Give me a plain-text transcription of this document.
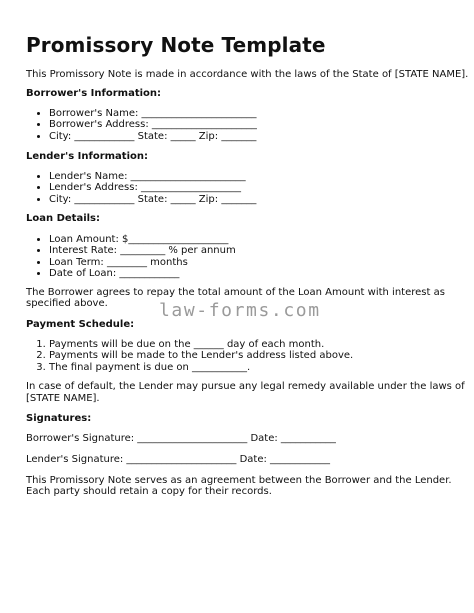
Promissory Note Template
This Promissory Note is made in accordance with the laws of the State of [STATE NAME].
Borrower's Information:
• Borrower's Name: _______________________
• Borrower's Address: _____________________
• City: ____________ State: _____ Zip: _______
Lender's Information:
• Lender's Name: _______________________
• Lender's Address: ____________________
• City: ____________ State: _____ Zip: _______
Loan Details:
• Loan Amount: $____________________
• Interest Rate: _________ % per annum
• Loan Term: ________ months
• Date of Loan: ____________
The Borrower agrees to repay the total amount of the Loan Amount with interest as
specified above.	law-forms.com
Payment Schedule:
1. Payments will be due on the ______ day of each month.
2. Payments will be made to the Lender's address listed above.
3. The final payment is due on ___________.
In case of default, the Lender may pursue any legal remedy available under the laws of
[STATE NAME].
Signatures:
Borrower's Signature: ______________________ Date: ___________
Lender's Signature: ______________________ Date: ____________
This Promissory Note serves as an agreement between the Borrower and the Lender.
Each party should retain a copy for their records.
